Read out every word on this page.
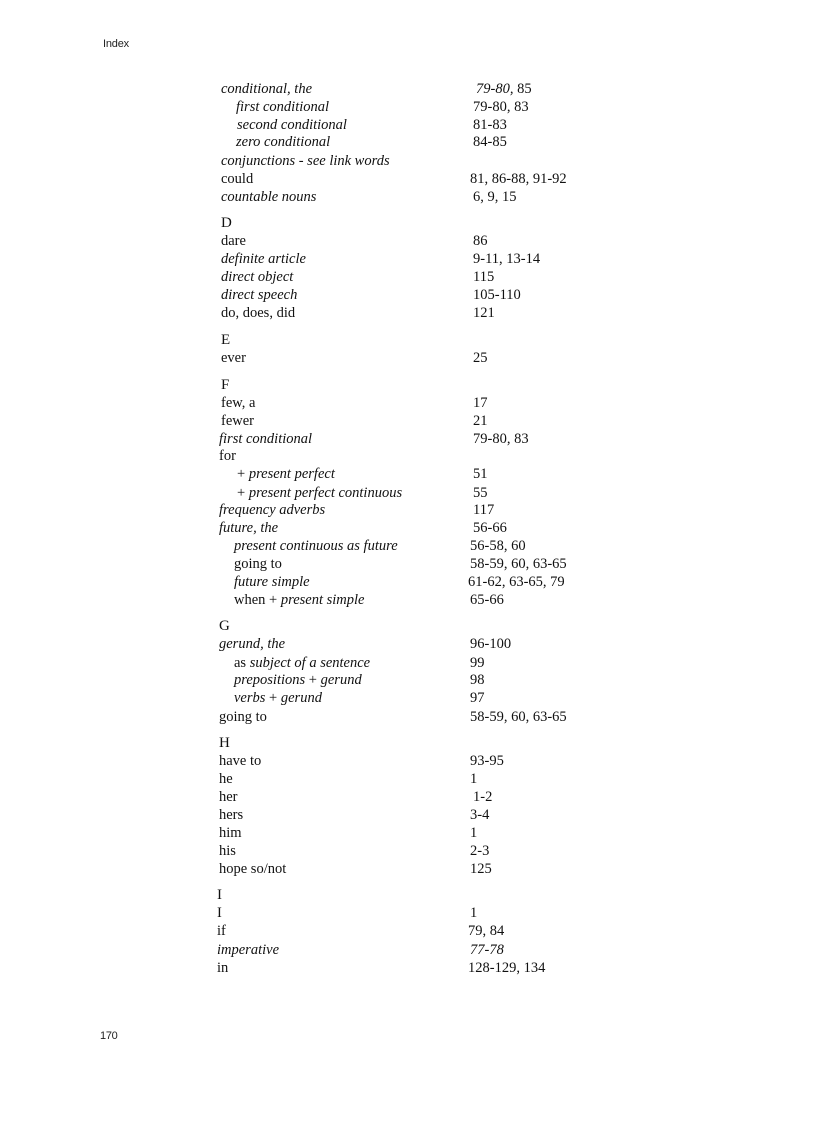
Index
conditional, the	79-80, 85
first conditional	79-80, 83
second conditional	81-83
zero conditional	84-85
conjunctions - see link words
could	81, 86-88, 91-92
countable nouns	6, 9, 15
D
dare	86
definite article	9-11, 13-14
direct object	115
direct speech	105-110
do, does, did	121
E
ever	25
F
few, a	17
fewer	21
first conditional	79-80, 83
for
+ present perfect	51
+ present perfect continuous	55
frequency adverbs	117
future, the	56-66
present continuous as future	56-58, 60
going to	58-59, 60, 63-65
future simple	61-62, 63-65, 79
when + present simple	65-66
G
gerund, the	96-100
as subject of a sentence	99
prepositions + gerund	98
verbs + gerund	97
going to	58-59, 60, 63-65
H
have to	93-95
he	1
her	1-2
hers	3-4
him	1
his	2-3
hope so/not	125
I
I	1
if	79, 84
imperative	77-78
in	128-129, 134
170
